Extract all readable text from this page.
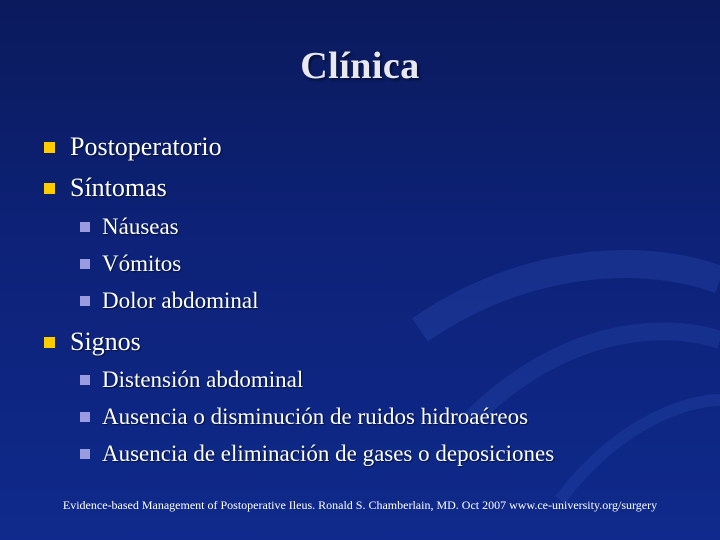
Clínica
Postoperatorio
Síntomas
Náuseas
Vómitos
Dolor abdominal
Signos
Distensión abdominal
Ausencia o disminución de ruidos hidroaéreos
Ausencia de eliminación de gases o deposiciones
Evidence-based Management of Postoperative Ileus. Ronald S. Chamberlain, MD. Oct 2007 www.ce-university.org/surgery
